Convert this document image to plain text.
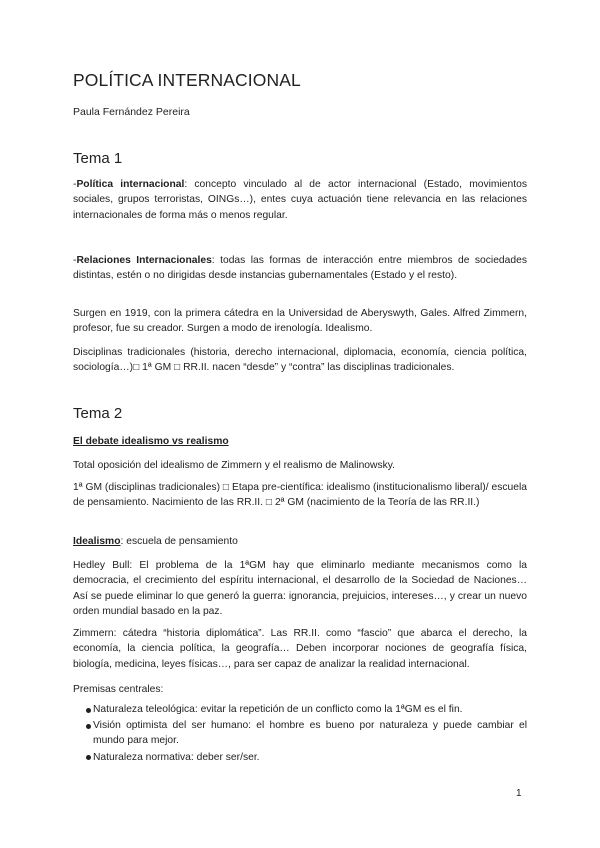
POLÍTICA INTERNACIONAL
Paula Fernández Pereira
Tema 1

-Política internacional: concepto vinculado al de actor internacional (Estado, movimientos sociales, grupos terroristas, OINGs…), entes cuya actuación tiene relevancia en las relaciones internacionales de forma más o menos regular.

-Relaciones Internacionales: todas las formas de interacción entre miembros de sociedades distintas, estén o no dirigidas desde instancias gubernamentales (Estado y el resto).

Surgen en 1919, con la primera cátedra en la Universidad de Aberyswyth, Gales. Alfred Zimmern, profesor, fue su creador. Surgen a modo de irenología. Idealismo.

Disciplinas tradicionales (historia, derecho internacional, diplomacia, economía, ciencia política, sociología…)□ 1ª GM □ RR.II. nacen “desde” y “contra” las disciplinas tradicionales.

Tema 2
El debate idealismo vs realismo

Total oposición del idealismo de Zimmern y el realismo de Malinowsky.

1ª GM (disciplinas tradicionales) □ Etapa pre-científica: idealismo (institucionalismo liberal)/ escuela de pensamiento. Nacimiento de las RR.II. □ 2ª GM (nacimiento de la Teoría de las RR.II.)

Idealismo: escuela de pensamiento

Hedley Bull: El problema de la 1ªGM hay que eliminarlo mediante mecanismos como la democracia, el crecimiento del espíritu internacional, el desarrollo de la Sociedad de Naciones… Así se puede eliminar lo que generó la guerra: ignorancia, prejuicios, intereses…, y crear un nuevo orden mundial basado en la paz.

Zimmern: cátedra “historia diplomática”. Las RR.II. como “fascio” que abarca el derecho, la economía, la ciencia política, la geografía… Deben incorporar nociones de geografía física, biología, medicina, leyes físicas…, para ser capaz de analizar la realidad internacional.

Premisas centrales:

Naturaleza teleológica: evitar la repetición de un conflicto como la 1ªGM es el fin.
Visión optimista del ser humano: el hombre es bueno por naturaleza y puede cambiar el mundo para mejor.
Naturaleza normativa: deber ser/ser.
1
